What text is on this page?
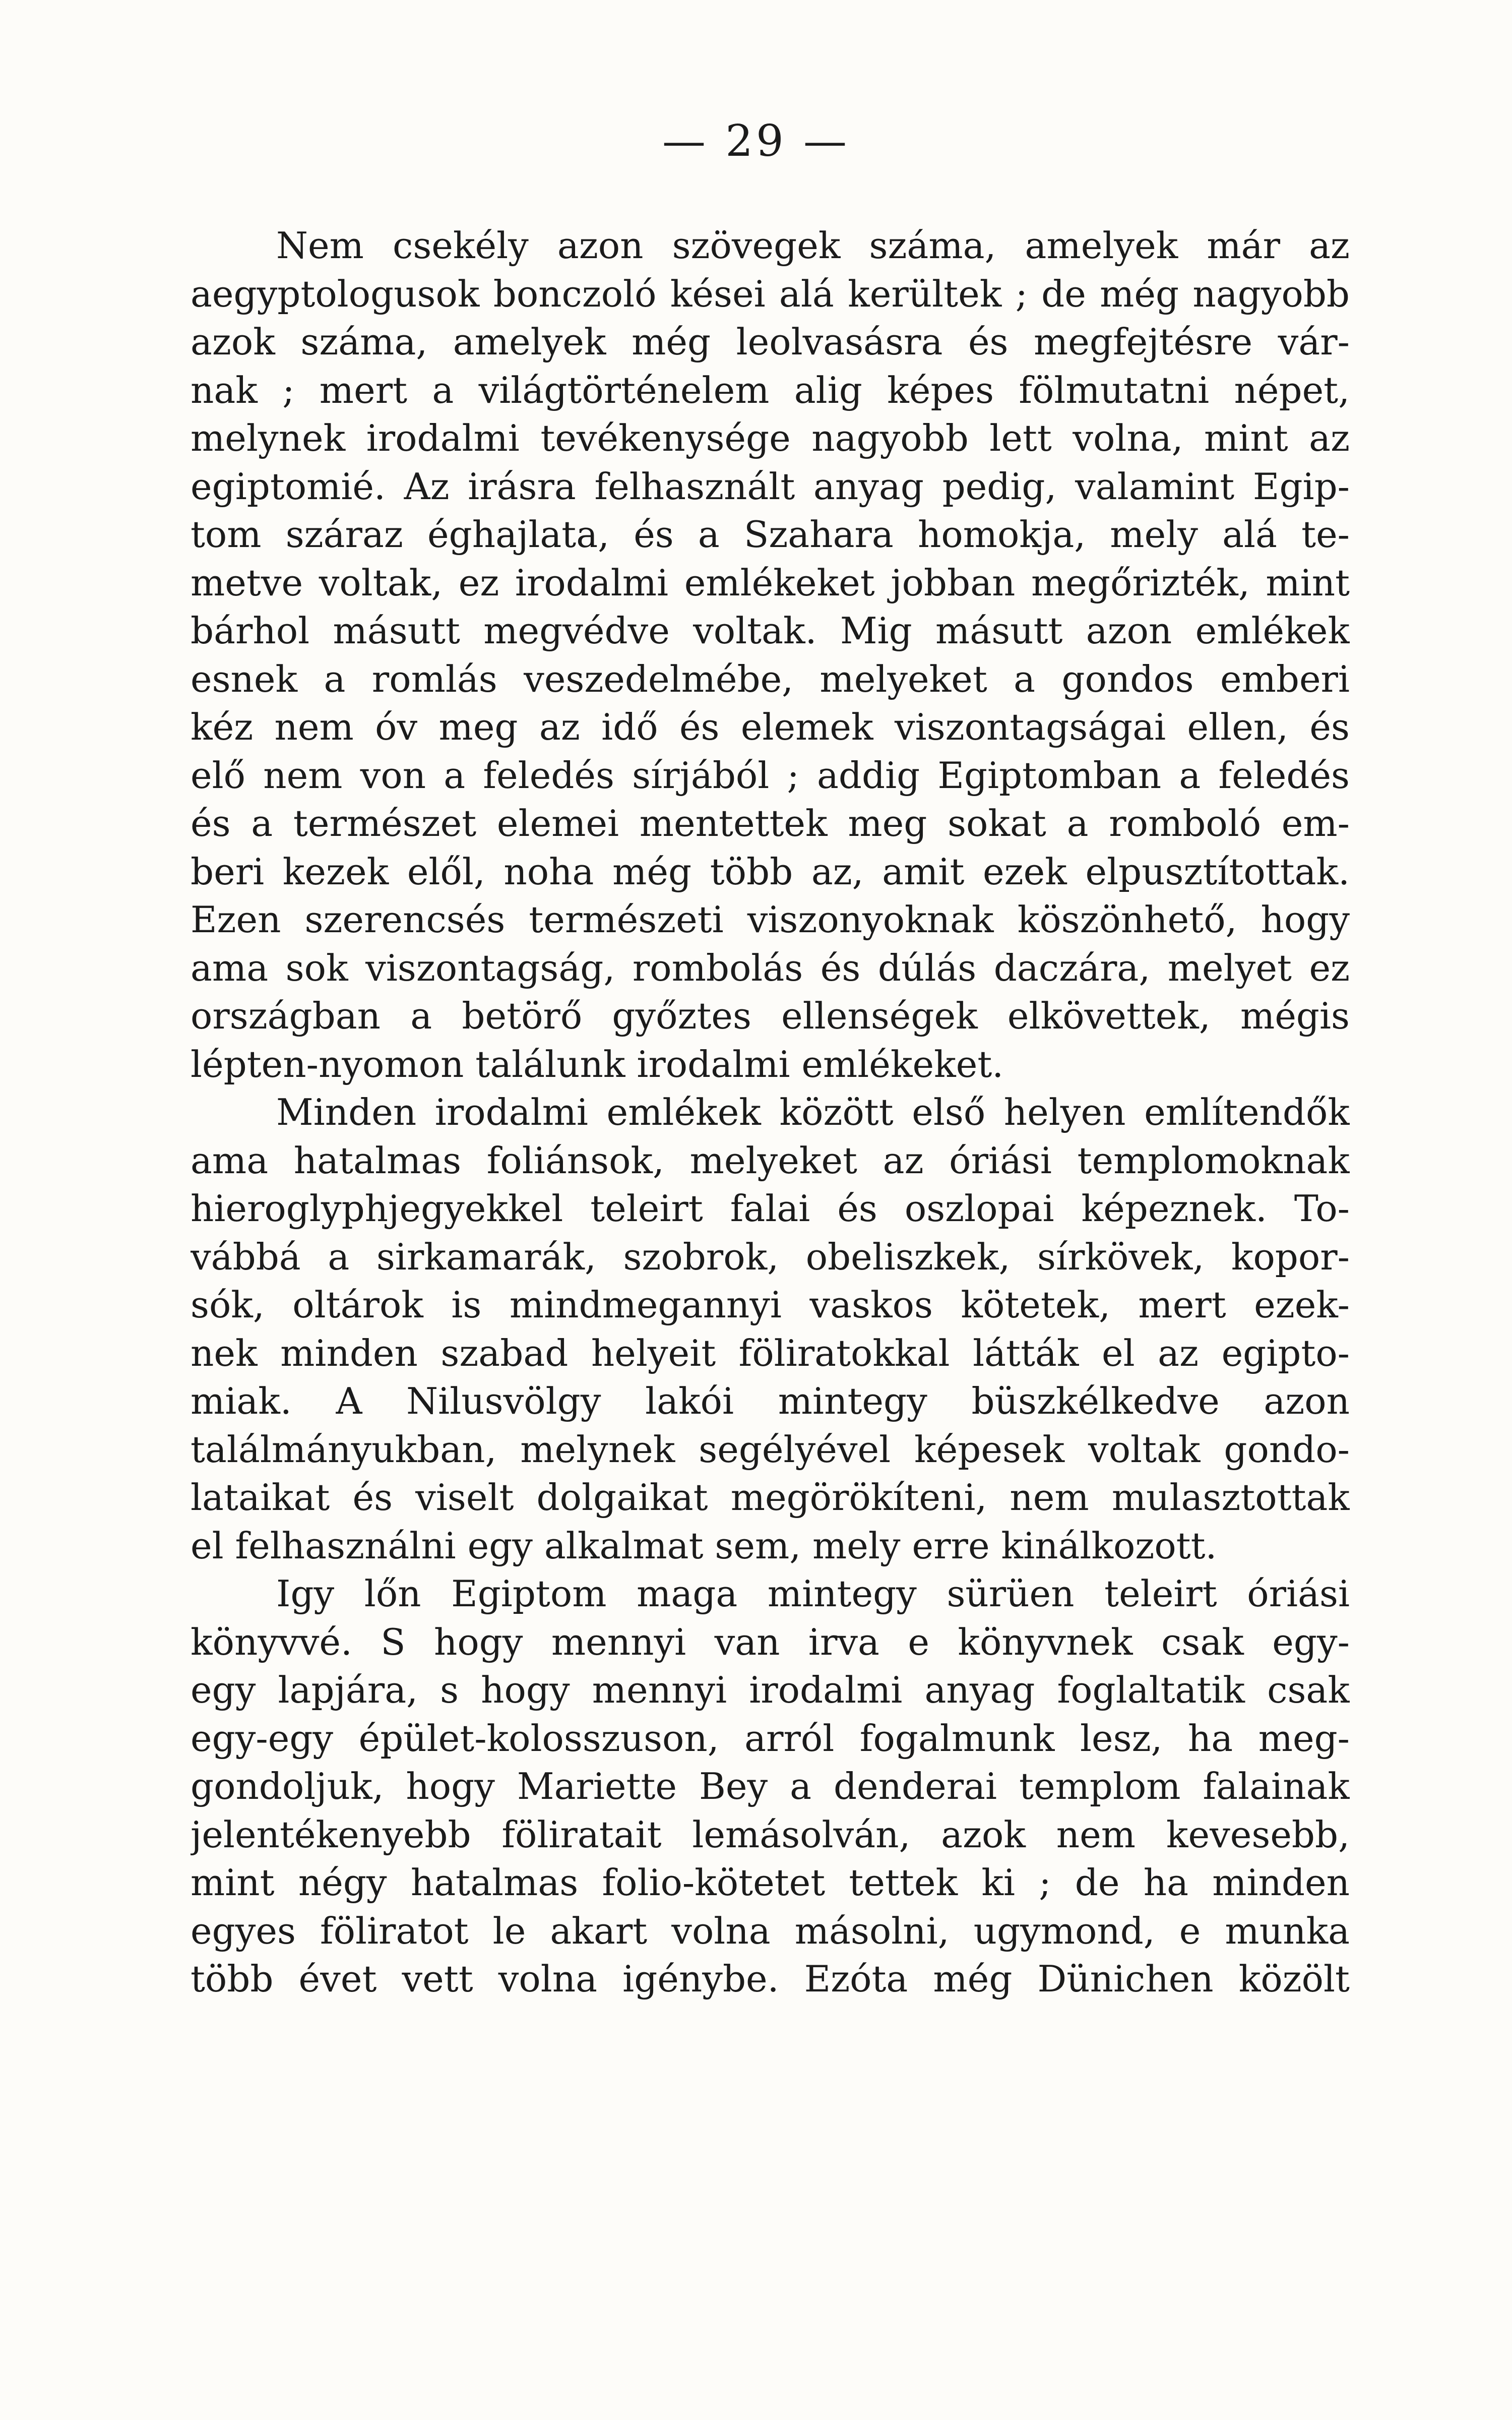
— 29 —
Nem csekély azon szövegek száma, amelyek már az
aegyptologusok bonczoló kései alá kerültek ; de még nagyobb
azok száma, amelyek még leolvasásra és megfejtésre vár-
nak ; mert a világtörténelem alig képes fölmutatni népet,
melynek irodalmi tevékenysége nagyobb lett volna, mint az
egiptomié. Az irásra felhasznált anyag pedig, valamint Egip-
tom száraz éghajlata, és a Szahara homokja, mely alá te-
metve voltak, ez irodalmi emlékeket jobban megőrizték, mint
bárhol másutt megvédve voltak. Mig másutt azon emlékek
esnek a romlás veszedelmébe, melyeket a gondos emberi
kéz nem óv meg az idő és elemek viszontagságai ellen, és
elő nem von a feledés sírjából ; addig Egiptomban a feledés
és a természet elemei mentettek meg sokat a romboló em-
beri kezek elől, noha még több az, amit ezek elpusztítottak.
Ezen szerencsés természeti viszonyoknak köszönhető, hogy
ama sok viszontagság, rombolás és dúlás daczára, melyet ez
országban a betörő győztes ellenségek elkövettek, mégis
lépten-nyomon találunk irodalmi emlékeket.
Minden irodalmi emlékek között első helyen említendők
ama hatalmas foliánsok, melyeket az óriási templomoknak
hieroglyphjegyekkel teleirt falai és oszlopai képeznek. To-
vábbá a sirkamarák, szobrok, obeliszkek, sírkövek, kopor-
sók, oltárok is mindmegannyi vaskos kötetek, mert ezek-
nek minden szabad helyeit föliratokkal látták el az egipto-
miak. A Nilusvölgy lakói mintegy büszkélkedve azon
találmányukban, melynek segélyével képesek voltak gondo-
lataikat és viselt dolgaikat megörökíteni, nem mulasztottak
el felhasználni egy alkalmat sem, mely erre kinálkozott.
Igy lőn Egiptom maga mintegy sürüen teleirt óriási
könyvvé. S hogy mennyi van irva e könyvnek csak egy-
egy lapjára, s hogy mennyi irodalmi anyag foglaltatik csak
egy-egy épület-kolosszuson, arról fogalmunk lesz, ha meg-
gondoljuk, hogy Mariette Bey a denderai templom falainak
jelentékenyebb föliratait lemásolván, azok nem kevesebb,
mint négy hatalmas folio-kötetet tettek ki ; de ha minden
egyes föliratot le akart volna másolni, ugymond, e munka
több évet vett volna igénybe. Ezóta még Dünichen közölt
